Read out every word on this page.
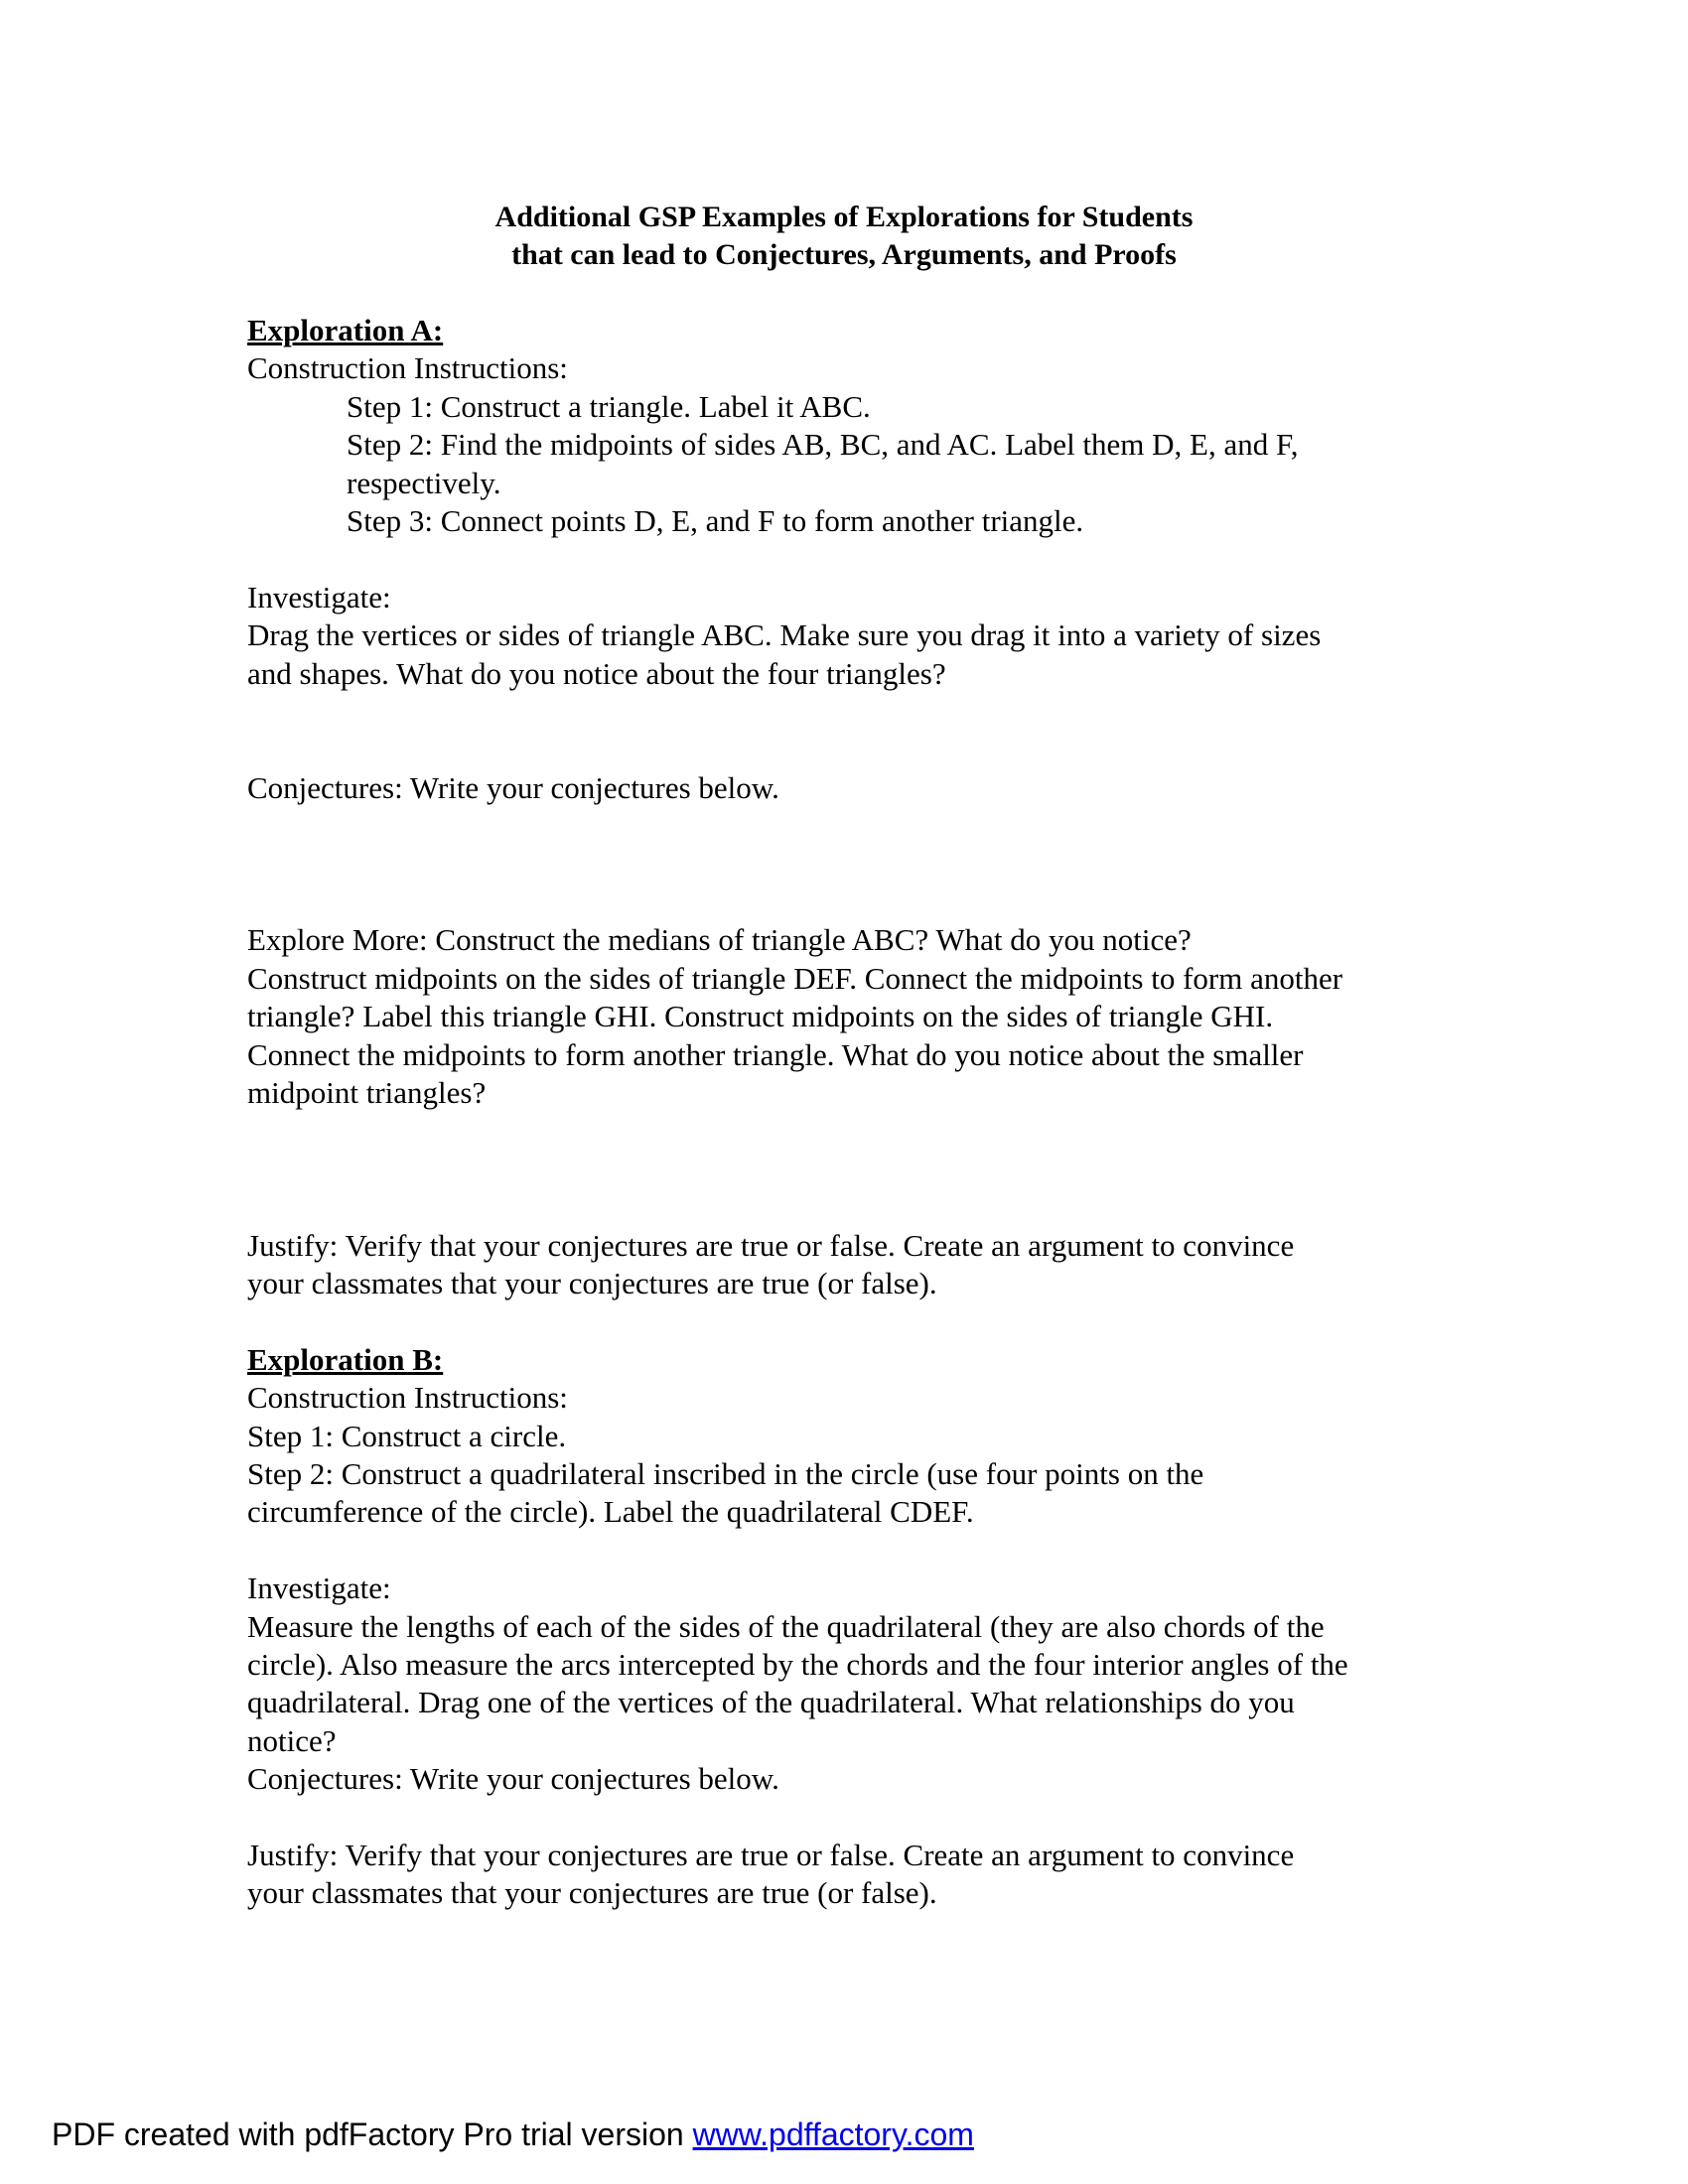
Additional GSP Examples of Explorations for Students
that can lead to Conjectures, Arguments, and Proofs
Exploration A:
Construction Instructions:
Step 1: Construct a triangle. Label it ABC.
Step 2: Find the midpoints of sides AB, BC, and AC. Label them D, E, and F,
respectively.
Step 3: Connect points D, E, and F to form another triangle.
Investigate:
Drag the vertices or sides of triangle ABC. Make sure you drag it into a variety of sizes
and shapes. What do you notice about the four triangles?
Conjectures: Write your conjectures below.
Explore More: Construct the medians of triangle ABC? What do you notice?
Construct midpoints on the sides of triangle DEF. Connect the midpoints to form another
triangle? Label this triangle GHI. Construct midpoints on the sides of triangle GHI.
Connect the midpoints to form another triangle. What do you notice about the smaller
midpoint triangles?
Justify: Verify that your conjectures are true or false. Create an argument to convince
your classmates that your conjectures are true (or false).
Exploration B:
Construction Instructions:
Step 1: Construct a circle.
Step 2: Construct a quadrilateral inscribed in the circle (use four points on the
circumference of the circle). Label the quadrilateral CDEF.
Investigate:
Measure the lengths of each of the sides of the quadrilateral (they are also chords of the
circle). Also measure the arcs intercepted by the chords and the four interior angles of the
quadrilateral. Drag one of the vertices of the quadrilateral. What relationships do you
notice?
Conjectures: Write your conjectures below.
Justify: Verify that your conjectures are true or false. Create an argument to convince
your classmates that your conjectures are true (or false).
PDF created with pdfFactory Pro trial version www.pdffactory.com
